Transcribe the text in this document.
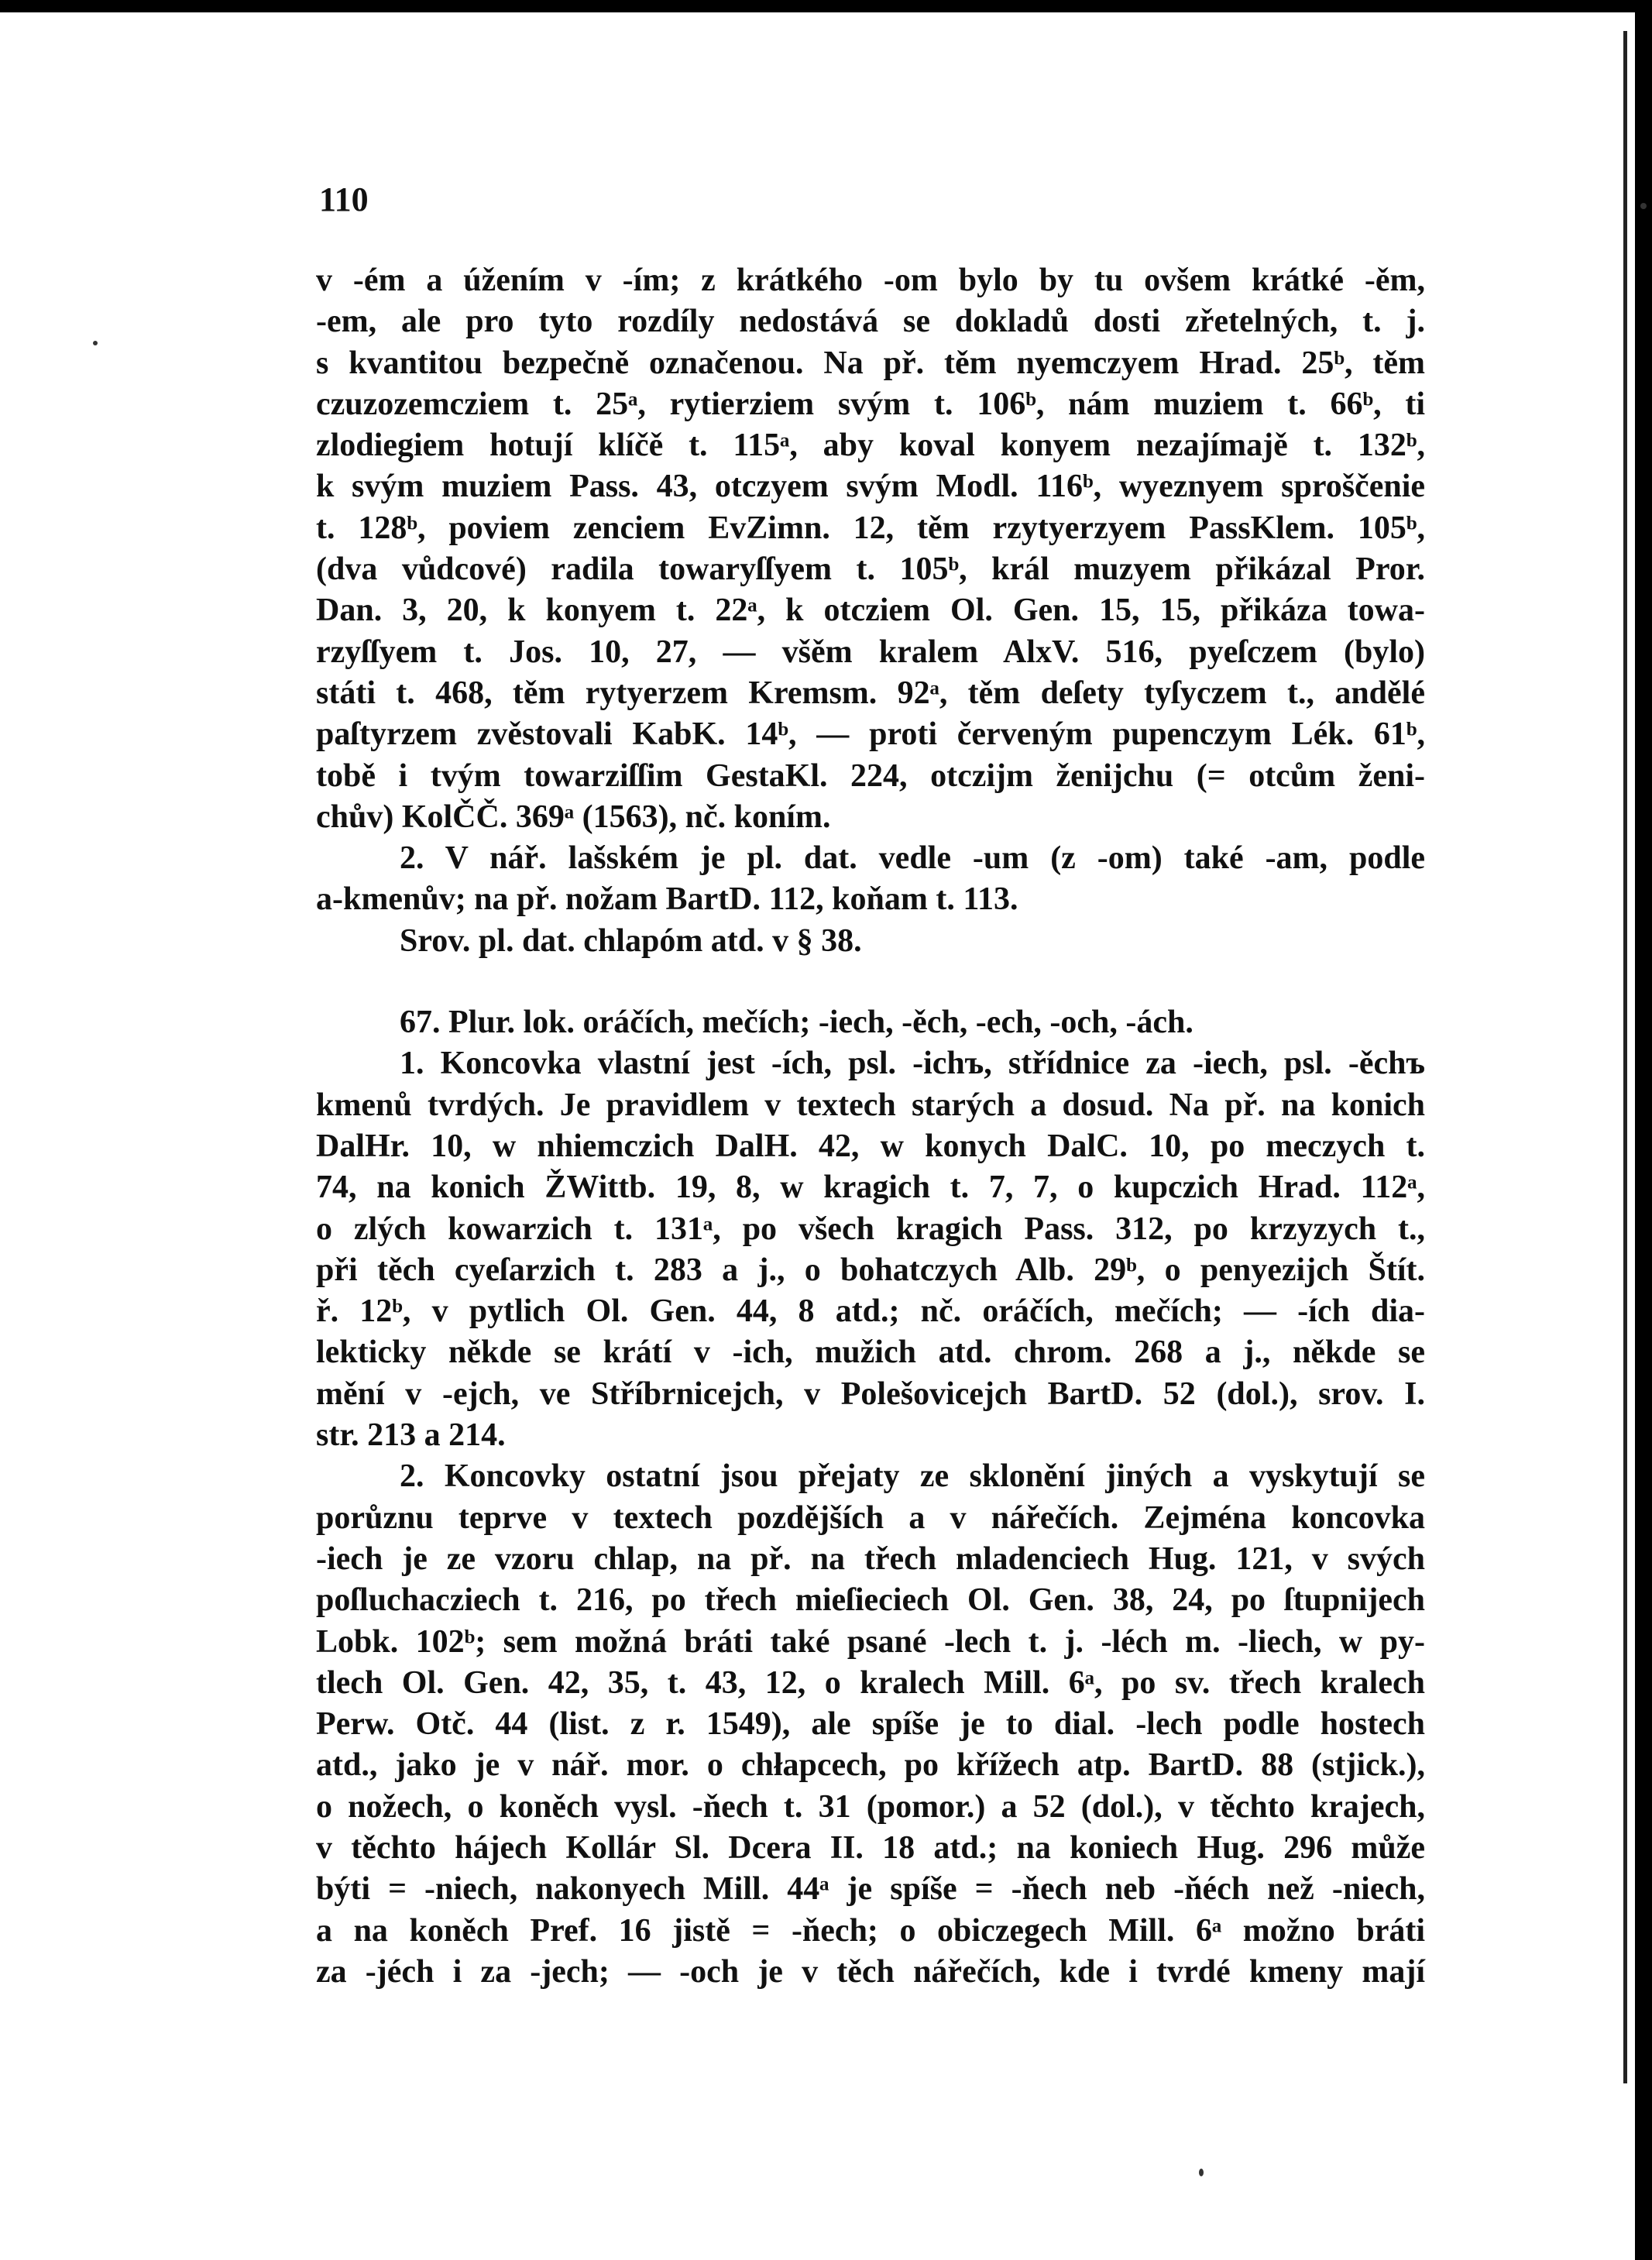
110
v -ém a úžením v -ím; z krátkého -om bylo by tu ovšem krátké -ěm,
-em, ale pro tyto rozdíly nedostává se dokladů dosti zřetelných, t. j.
s kvantitou bezpečně označenou. Na př. těm nyemczyem Hrad. 25ᵇ, těm
czuzozemcziem t. 25ᵃ, rytierziem svým t. 106ᵇ, nám muziem t. 66ᵇ, ti
zlodiegiem hotují klíčě t. 115ᵃ, aby koval konyem nezajímajě t. 132ᵇ,
k svým muziem Pass. 43, otczyem svým Modl. 116ᵇ, wyeznyem sproščenie
t. 128ᵇ, poviem zenciem EvZimn. 12, těm rzytyerzyem PassKlem. 105ᵇ,
(dva vůdcové) radila towaryſſyem t. 105ᵇ, král muzyem přikázal Pror.
Dan. 3, 20, k konyem t. 22ᵃ, k otcziem Ol. Gen. 15, 15, přikáza towa-
rzyſſyem t. Jos. 10, 27, — všěm kralem AlxV. 516, pyeſczem (bylo)
státi t. 468, těm rytyerzem Kremsm. 92ᵃ, těm deſety tyſyczem t., andělé
paſtyrzem zvěstovali KabK. 14ᵇ, — proti červeným pupenczym Lék. 61ᵇ,
tobě i tvým towarziſſim GestaKl. 224, otczijm ženijchu (= otcům ženi-
chův) KolČČ. 369ᵃ (1563), nč. koním.
2. V nář. lašském je pl. dat. vedle -um (z -om) také -am, podle
a-kmenův; na př. nožam BartD. 112, koňam t. 113.
Srov. pl. dat. chlapóm atd. v § 38.
67. Plur. lok. oráčích, mečích; -iech, -ěch, -ech, -och, -ách.
1. Koncovka vlastní jest -ích, psl. -ichъ, střídnice za -iech, psl. -ěchъ
kmenů tvrdých. Je pravidlem v textech starých a dosud. Na př. na konich
DalHr. 10, w nhiemczich DalH. 42, w konych DalC. 10, po meczych t.
74, na konich ŽWittb. 19, 8, w kragich t. 7, 7, o kupczich Hrad. 112ᵃ,
o zlých kowarzich t. 131ᵃ, po všech kragich Pass. 312, po krzyzych t.,
při těch cyeſarzich t. 283 a j., o bohatczych Alb. 29ᵇ, o penyezijch Štít.
ř. 12ᵇ, v pytlich Ol. Gen. 44, 8 atd.; nč. oráčích, mečích; — -ích dia-
lekticky někde se krátí v -ich, mužich atd. chrom. 268 a j., někde se
mění v -ejch, ve Stříbrnicejch, v Polešovicejch BartD. 52 (dol.), srov. I.
str. 213 a 214.
2. Koncovky ostatní jsou přejaty ze sklonění jiných a vyskytují se
porůznu teprve v textech pozdějších a v nářečích. Zejména koncovka
-iech je ze vzoru chlap, na př. na třech mladenciech Hug. 121, v svých
poſluchacziech t. 216, po třech mieſieciech Ol. Gen. 38, 24, po ſtupnijech
Lobk. 102ᵇ; sem možná bráti také psané -lech t. j. -léch m. -liech, w py-
tlech Ol. Gen. 42, 35, t. 43, 12, o kralech Mill. 6ᵃ, po sv. třech kralech
Perw. Otč. 44 (list. z r. 1549), ale spíše je to dial. -lech podle hostech
atd., jako je v nář. mor. o chłapcech, po křížech atp. BartD. 88 (stjick.),
o nožech, o koněch vysl. -ňech t. 31 (pomor.) a 52 (dol.), v těchto krajech,
v těchto hájech Kollár Sl. Dcera II. 18 atd.; na koniech Hug. 296 může
býti = -niech, nakonyech Mill. 44ᵃ je spíše = -ňech neb -ňéch než -niech,
a na koněch Pref. 16 jistě = -ňech; o obiczegech Mill. 6ᵃ možno bráti
za -jéch i za -jech; — -och je v těch nářečích, kde i tvrdé kmeny mají
